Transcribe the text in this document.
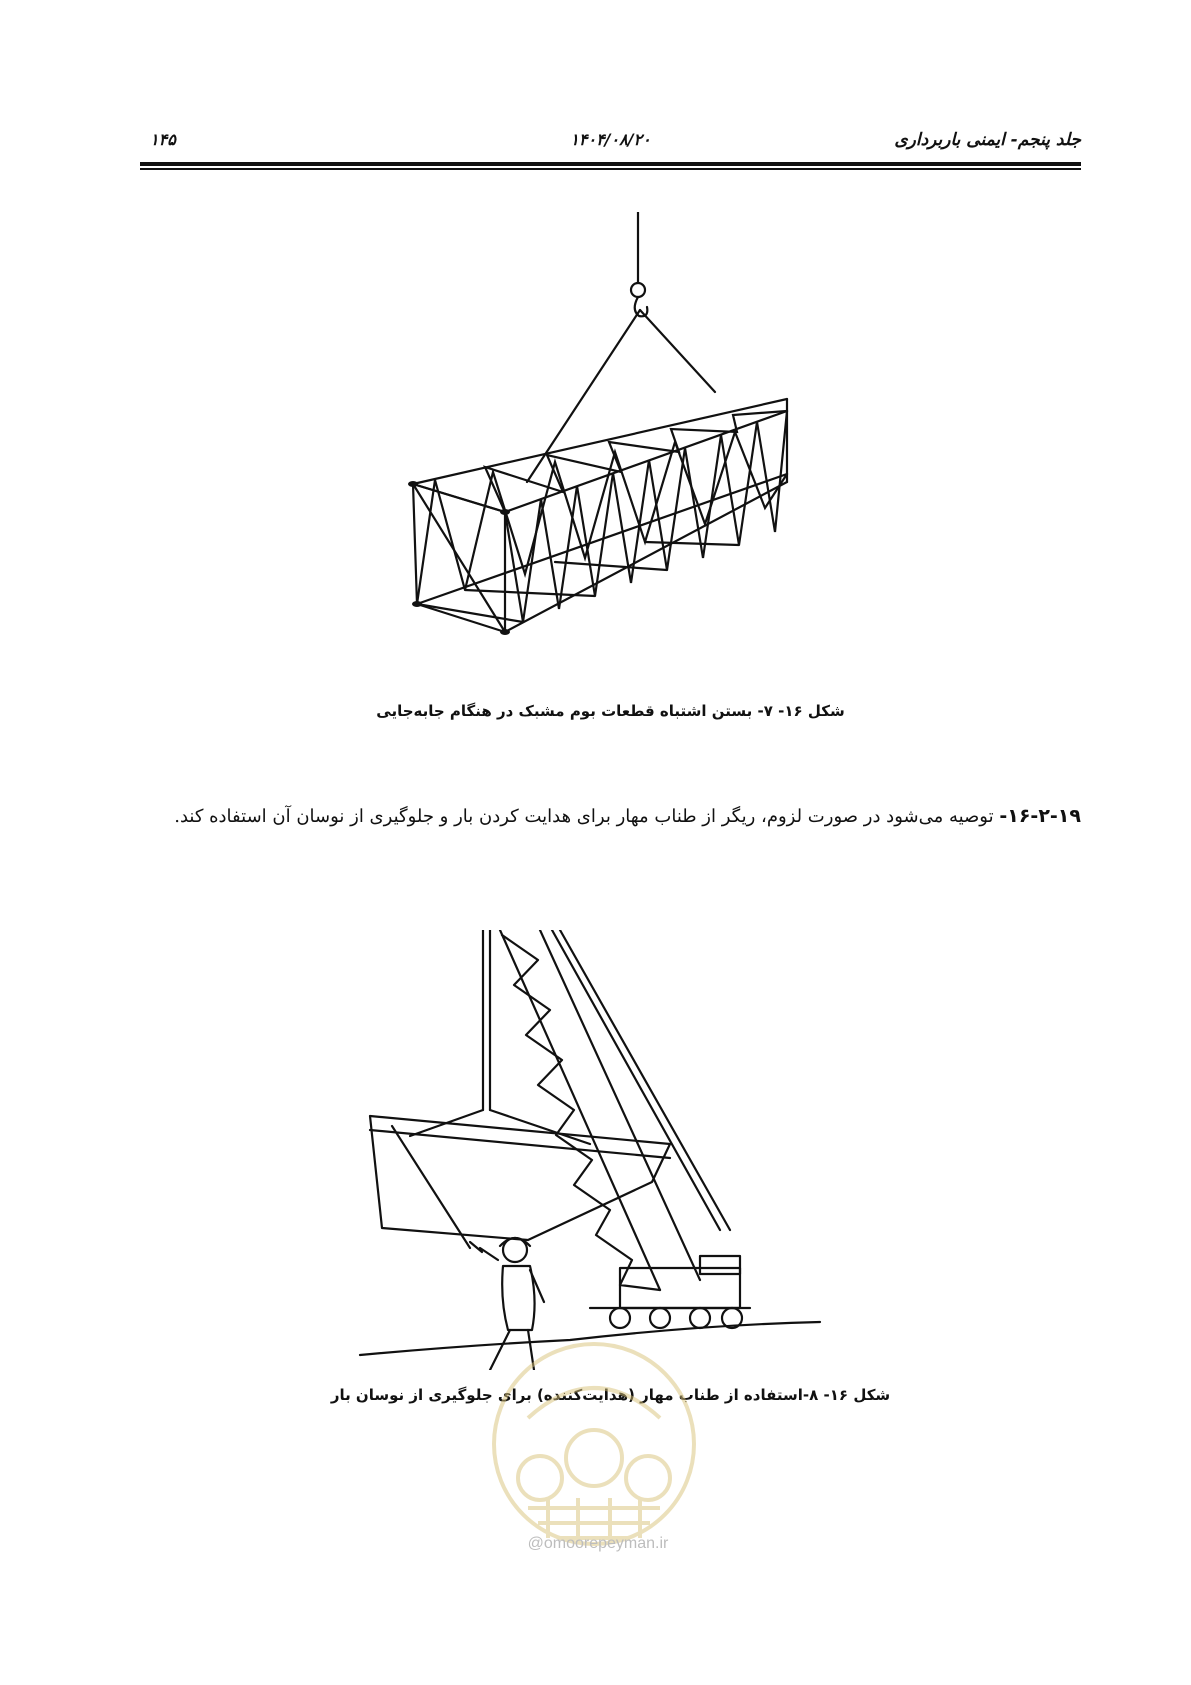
جلد پنجم- ایمنی باربرداری
۱۴۰۴/۰۸/۲۰
۱۴۵
شکل ۱۶- ۷- بستن اشتباه قطعات بوم مشبک در هنگام جابه‌جایی
۱۶-۲-۱۹- توصیه می‌شود در صورت لزوم، ریگر از طناب مهار برای هدایت کردن بار و جلوگیری از نوسان آن استفاده کند.
شکل ۱۶- ۸-استفاده از طناب مهار (هدایت‌کننده) برای جلوگیری از نوسان بار
@omoorepeyman.ir
